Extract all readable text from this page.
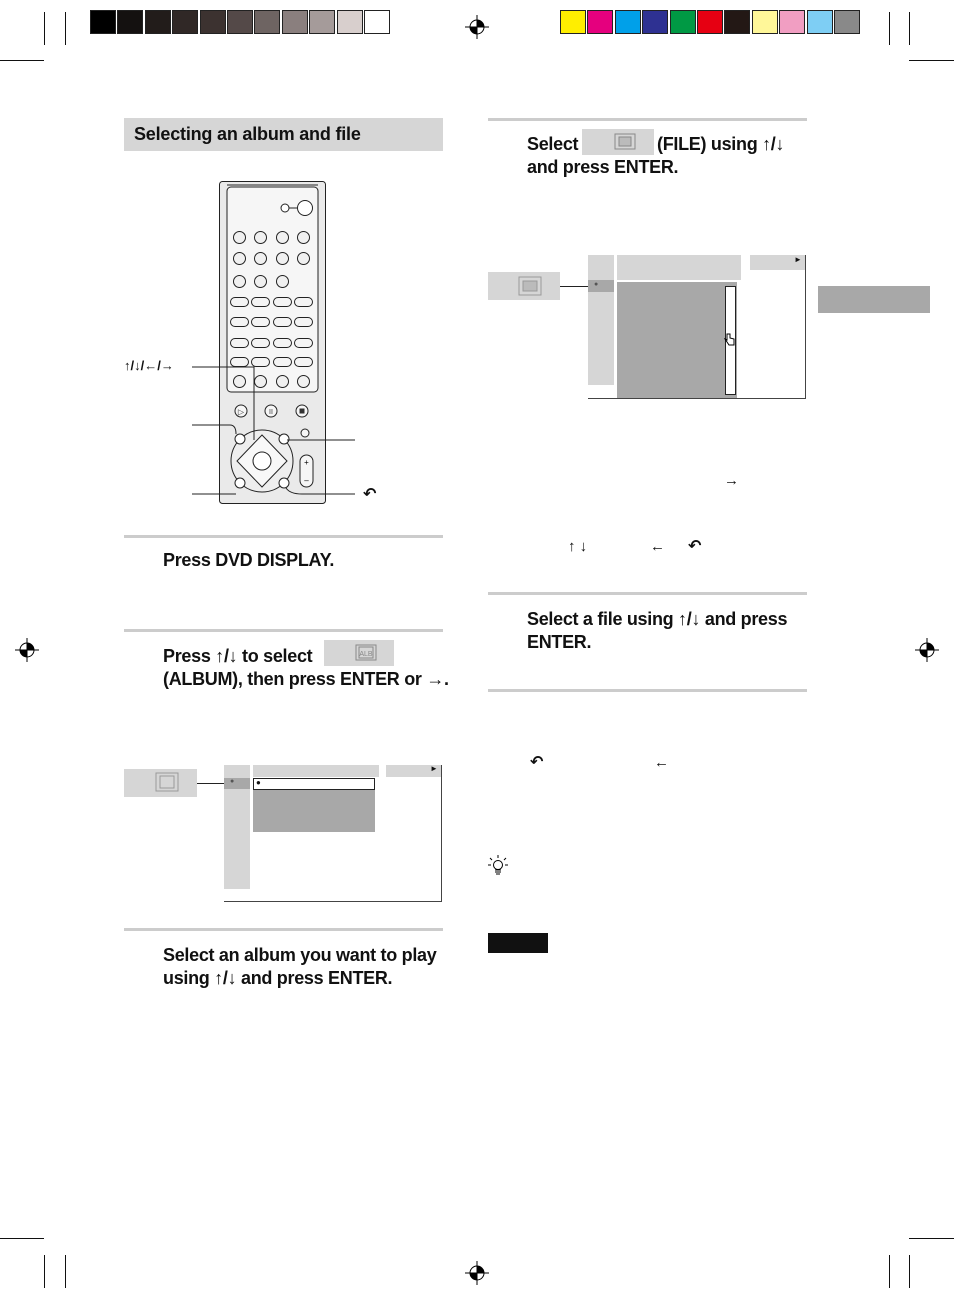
Selecting an album and file
▷	II
+
–
↑/↓/←/→
↶
Press DVD DISPLAY.
Press ↑/↓ to select	ALB
(ALBUM), then press ENTER or →.
●
►
●
Select an album you want to play
using ↑/↓ and press ENTER.
Select	(FILE) using ↑/↓
and press ENTER.
●
►
→
↑ ↓	← ↶
Select a file using ↑/↓ and press
ENTER.
↶	←
